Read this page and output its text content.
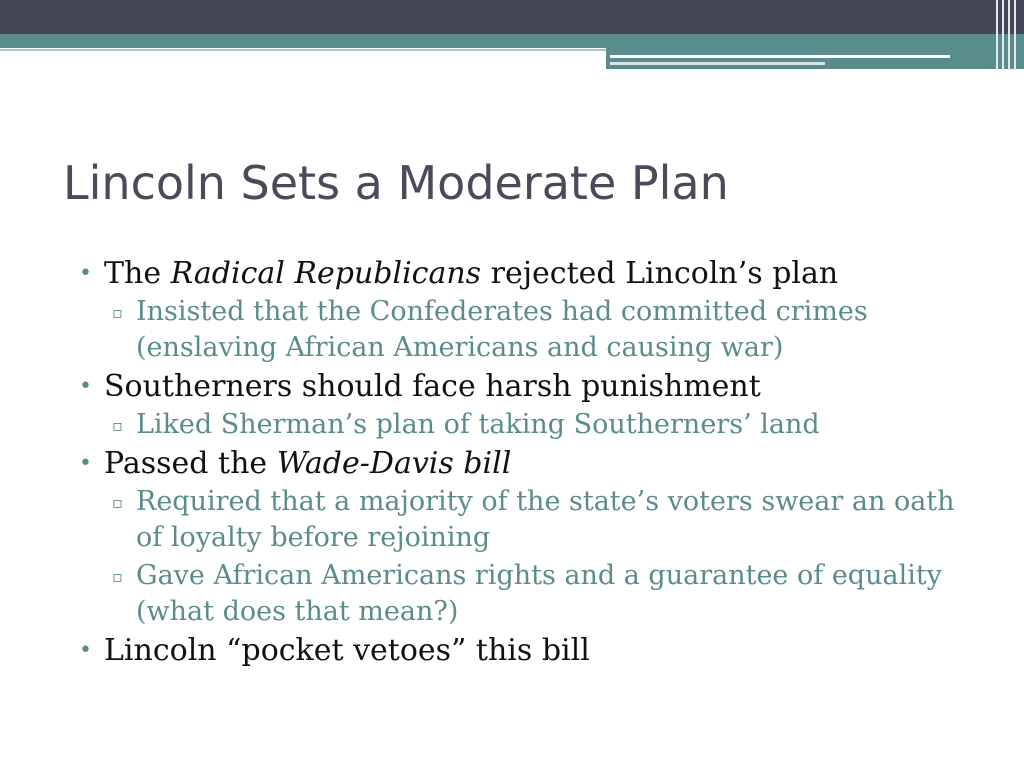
Lincoln Sets a Moderate Plan

• The Radical Republicans rejected Lincoln’s plan

▫ Insisted that the Confederates had committed crimes (enslaving African Americans and causing war)

• Southerners should face harsh punishment

▫ Liked Sherman’s plan of taking Southerners’ land

• Passed the Wade-Davis bill

▫ Required that a majority of the state’s voters swear an oath of loyalty before rejoining

▫ Gave African Americans rights and a guarantee of equality (what does that mean?)

• Lincoln “pocket vetoes” this bill
